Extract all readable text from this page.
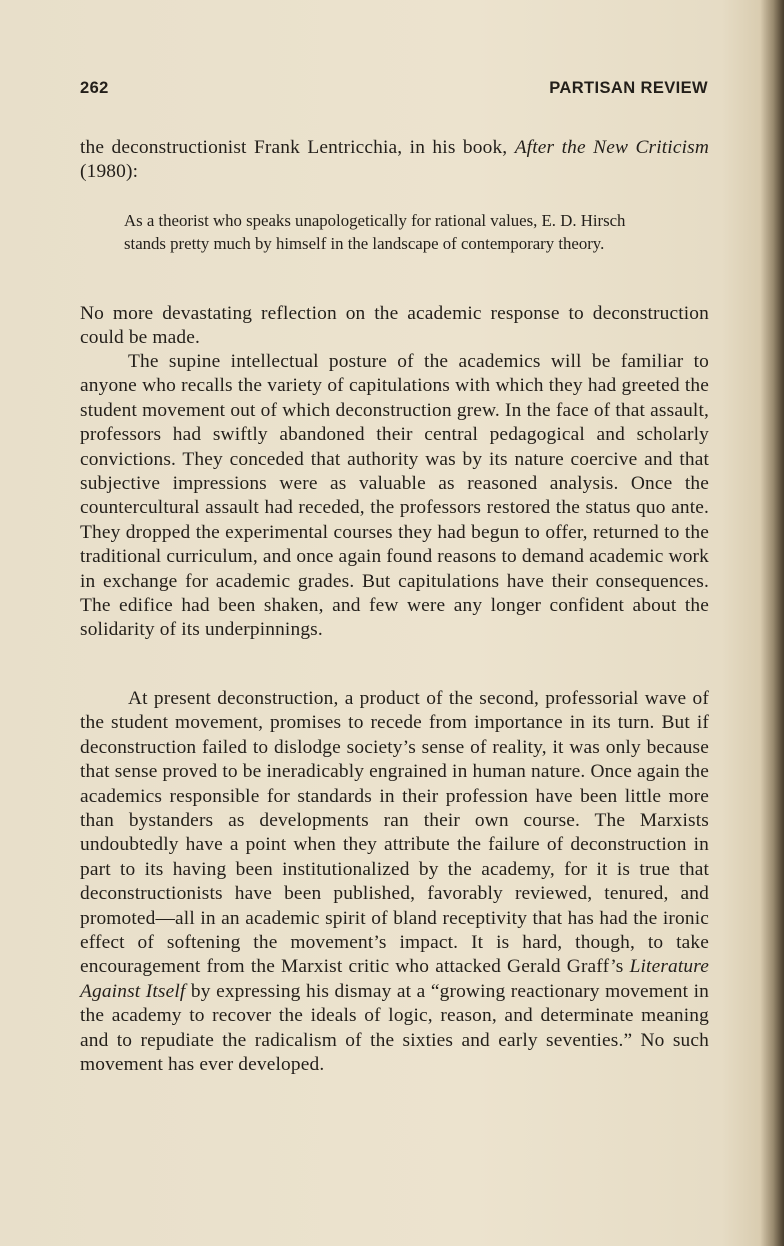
262	PARTISAN REVIEW

the deconstructionist Frank Lentricchia, in his book, After the New Criticism (1980):

As a theorist who speaks unapologetically for rational values, E. D. Hirsch stands pretty much by himself in the landscape of contemporary theory.

No more devastating reflection on the academic response to deconstruction could be made.

The supine intellectual posture of the academics will be familiar to anyone who recalls the variety of capitulations with which they had greeted the student movement out of which deconstruction grew. In the face of that assault, professors had swiftly abandoned their central pedagogical and scholarly convictions. They conceded that authority was by its nature coercive and that subjective impressions were as valuable as reasoned analysis. Once the countercultural assault had receded, the professors restored the status quo ante. They dropped the experimental courses they had begun to offer, returned to the traditional curriculum, and once again found reasons to demand academic work in exchange for academic grades. But capitulations have their consequences. The edifice had been shaken, and few were any longer confident about the solidarity of its underpinnings.

At present deconstruction, a product of the second, professorial wave of the student movement, promises to recede from importance in its turn. But if deconstruction failed to dislodge society’s sense of reality, it was only because that sense proved to be ineradicably engrained in human nature. Once again the academics responsible for standards in their profession have been little more than bystanders as developments ran their own course. The Marxists undoubtedly have a point when they attribute the failure of deconstruction in part to its having been institutionalized by the academy, for it is true that deconstructionists have been published, favorably reviewed, tenured, and promoted—all in an academic spirit of bland receptivity that has had the ironic effect of softening the movement’s impact. It is hard, though, to take encouragement from the Marxist critic who attacked Gerald Graff’s Literature Against Itself by expressing his dismay at a “growing reactionary movement in the academy to recover the ideals of logic, reason, and determinate meaning and to repudiate the radicalism of the sixties and early seventies.” No such movement has ever developed.
